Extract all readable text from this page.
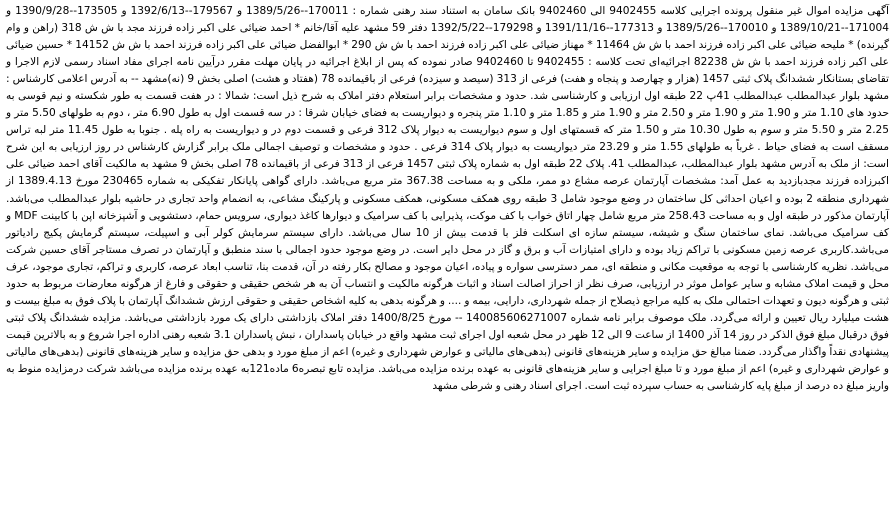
آگهی مزایده اموال غیر منقول پرونده اجرایی کلاسه 9402455 الی 9402460 بانک سامان به استناد سند رهنی شماره : 170011--1389/5/26 و 179567--1392/6/13 و 173505--1390/9/28 و 171004--1389/10/21 و 170010--1389/5/26 و 177313--1391/11/16 و 179298--1392/5/22 دفتر 59 مشهد علیه آقا/خانم * احمد ضیائی علی اکبر زاده فرزند مجد با ش ش 318 (راهن و وام گیرنده) * ملیحه ضیائی علی اکبر زاده فرزند احمد با ش ش 11464 * مهناز ضیائی علی اکبر زاده فرزند احمد با ش ش 290 * ابوالفضل ضیائی علی اکبر زاده فرزند احمد با ش ش 14152 * حسین ضیائی علی اکبر زاده فرزند احمد با ش ش 82238 اجرائیه‌ای تحت کلاسه : 9402455 تا 9402460 صادر نموده که پس از ابلاغ اجرائیه در پایان مهلت مقرر درآیین نامه اجرای مفاد اسناد رسمی لازم الاجرا و تقاضای بستانکار ششدانگ پلاک ثبتی 1457 (هزار و چهارصد و پنجاه و هفت) فرعی از 313 (سیصد و سیزده) فرعی از باقیمانده 78 (هفتاد و هشت) اصلی بخش 9 (نه)مشهد -- به آدرس اعلامی کارشناس : مشهد بلوار عبدالمطلب عبدالمطلب 41پ 22 طبقه اول ارزیابی و کارشناسی شد. حدود و مشخصات برابر استعلام دفتر املاک به شرح ذیل است: شمالا : در هفت قسمت به طور شکسته و نیم قوسی به حدود های 1.10 متر و 1.90 متر و 1.90 متر و 2.50 متر و 1.90 متر و 1.85 متر و 1.10 متر پنجره و دیواریست به فضای خیابان شرقا : در سه قسمت اول به طول 6.90 متر ، دوم به طولهای 5.50 متر و 2.25 متر و 5.50 متر و سوم به طول 10.30 متر و 1.50 متر که قسمتهای اول و سوم دیواریست به دیوار پلاک 312 فرعی و قسمت دوم در و دیواریست به راه پله . جنوبا به طول 11.45 متر لبه تراس مسقف است به فضای حیاط . غرباً به طولهای 1.55 متر و 23.29 متر دیواریست به دیوار پلاک 314 فرعی . حدود و مشخصات و توصیف اجمالی ملک برابر گزارش کارشناس در روز ارزیابی به این شرح است: از ملک به آدرس مشهد بلوار عبدالمطلب، عبدالمطلب 41. پلاک 22 طبقه اول به شماره پلاک ثبتی 1457 فرعی از 313 فرعی از باقیمانده 78 اصلی بخش 9 مشهد به مالکیت آقای احمد ضیائی علی اکبرزاده فرزند مجدبازدید به عمل آمد: مشخصات آپارتمان عرصه مشاع دو ممر، ملکی و به مساحت 367.38 متر مربع می‌باشد. دارای گواهی پایانکار تفکیکی به شماره 230465 مورخ 1389.4.13 از شهرداری منطقه 2 بوده و اعیان احداثی کل ساختمان در وضع موجود شامل 3 طبقه روی همکف مسکونی، همکف مسکونی و پارکینگ مشاعی، به انضمام واحد تجاری در حاشیه بلوار عبدالمطلب می‌باشد. آپارتمان مذکور در طبقه اول و به مساحت 258.43 متر مربع شامل چهار اتاق خواب با کف موکت، پذیرایی با کف سرامیک و دیوارها کاغذ دیواری، سرویس حمام، دستشویی و آشپزخانه اپن با کابینت MDF و کف سرامیک می‌باشد. نمای ساختمان سنگ و شیشه، سیستم سازه ای اسکلت فلز با قدمت بیش از 10 سال می‌باشد. دارای سیستم سرمایش کولر آبی و اسپیلت، سیستم گرمایش پکیج رادیاتور می‌باشد.کاربری عرصه زمین مسکونی با تراکم زیاد بوده و دارای امتیازات آب و برق و گاز در محل دایر است. در وضع موجود حدود اجمالی با سند منطبق و آپارتمان در تصرف مستاجر آقای حسین شرکت می‌باشد. نظریه کارشناسی با توجه به موقعیت مکانی و منطقه ای، ممر دسترسی سواره و پیاده، اعیان موجود و مصالح بکار رفته در آن، قدمت بنا، تناسب ابعاد عرصه، کاربری و تراکم، تجاری موجود، عرف محل و قیمت املاک مشابه و سایر عوامل موثر در ارزیابی، صرف نظر از احراز اصالت اسناد و اثبات هرگونه مالکیت و انتساب آن به هر شخص حقیقی و حقوقی و فارغ از هرگونه معارضات مربوط به حدود ثبتی و هرگونه دیون و تعهدات احتمالی ملک به کلیه مراجع ذیصلاح از جمله شهرداری، دارایی، بیمه و .... و هرگونه بدهی به کلیه اشخاص حقیقی و حقوقی ارزش ششدانگ آپارتمان با پلاک فوق به مبلغ بیست و هشت میلیارد ریال تعیین و ارائه می‌گردد. ملک موصوف برابر نامه شماره 140085606271007 -- مورخ 1400/8/25 دفتر املاک بازداشتی دارای یک مورد بازداشتی می‌باشد. مزایده ششدانگ پلاک ثبتی فوق درقبال مبلغ فوق الذکر در روز 14 آذر 1400 از ساعت 9 الی 12 ظهر در محل شعبه اول اجرای ثبت مشهد واقع در خیابان پاسداران ، نبش پاسداران 3.1 شعبه رهنی اداره اجرا شروع و به بالاترین قیمت پیشنهادی نقداً واگذار می‌گردد. ضمنا مبالغ حق مزایده و سایر هزینه‌های قانونی (بدهی‌های مالیاتی و عوارض شهرداری و غیره) اعم از مبلغ مورد و بدهی حق مزایده و سایر هزینه‌های قانونی (بدهی‌های مالیاتی و عوارض شهرداری و غیره) اعم از مبلغ مورد و تا مبلغ اجرایی و سایر هزینه‌های قانونی به عهده برنده مزایده می‌باشد. مزایده تابع تبصره6 ماده121به عهده برنده مزایده می‌باشد شرکت درمزایده منوط به واریز مبلغ ده درصد از مبلغ پایه کارشناسی به حساب سپرده ثبت است. اجرای اسناد رهنی و شرطی مشهد
